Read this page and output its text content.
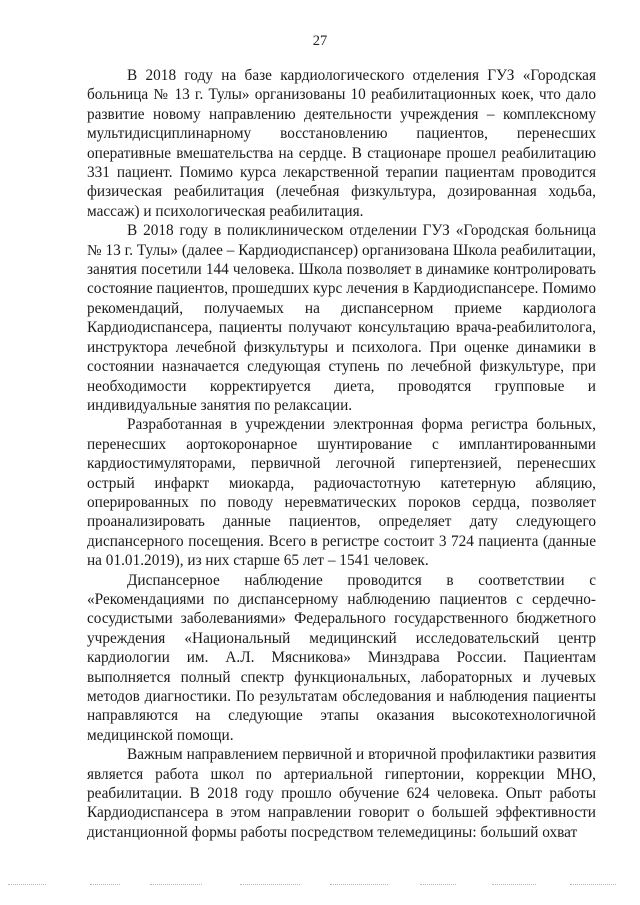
27

В 2018 году на базе кардиологического отделения ГУЗ «Городская больница № 13 г. Тулы» организованы 10 реабилитационных коек, что дало развитие новому направлению деятельности учреждения – комплексному мультидисциплинарному восстановлению пациентов, перенесших оперативные вмешательства на сердце. В стационаре прошел реабилитацию 331 пациент. Помимо курса лекарственной терапии пациентам проводится физическая реабилитация (лечебная физкультура, дозированная ходьба, массаж) и психологическая реабилитация.

В 2018 году в поликлиническом отделении ГУЗ «Городская больница № 13 г. Тулы» (далее – Кардиодиспансер) организована Школа реабилитации, занятия посетили 144 человека. Школа позволяет в динамике контролировать состояние пациентов, прошедших курс лечения в Кардиодиспансере. Помимо рекомендаций, получаемых на диспансерном приеме кардиолога Кардиодиспансера, пациенты получают консультацию врача-реабилитолога, инструктора лечебной физкультуры и психолога. При оценке динамики в состоянии назначается следующая ступень по лечебной физкультуре, при необходимости корректируется диета, проводятся групповые и индивидуальные занятия по релаксации.

Разработанная в учреждении электронная форма регистра больных, перенесших аортокоронарное шунтирование с имплантированными кардиостимуляторами, первичной легочной гипертензией, перенесших острый инфаркт миокарда, радиочастотную катетерную абляцию, оперированных по поводу неревматических пороков сердца, позволяет проанализировать данные пациентов, определяет дату следующего диспансерного посещения. Всего в регистре состоит 3 724 пациента (данные на 01.01.2019), из них старше 65 лет – 1541 человек.

Диспансерное наблюдение проводится в соответствии с «Рекомендациями по диспансерному наблюдению пациентов с сердечно-сосудистыми заболеваниями» Федерального государственного бюджетного учреждения «Национальный медицинский исследовательский центр кардиологии им. А.Л. Мясникова» Минздрава России. Пациентам выполняется полный спектр функциональных, лабораторных и лучевых методов диагностики. По результатам обследования и наблюдения пациенты направляются на следующие этапы оказания высокотехнологичной медицинской помощи.

Важным направлением первичной и вторичной профилактики развития является работа школ по артериальной гипертонии, коррекции МНО, реабилитации. В 2018 году прошло обучение 624 человека. Опыт работы Кардиодиспансера в этом направлении говорит о большей эффективности дистанционной формы работы посредством телемедицины: больший охват
